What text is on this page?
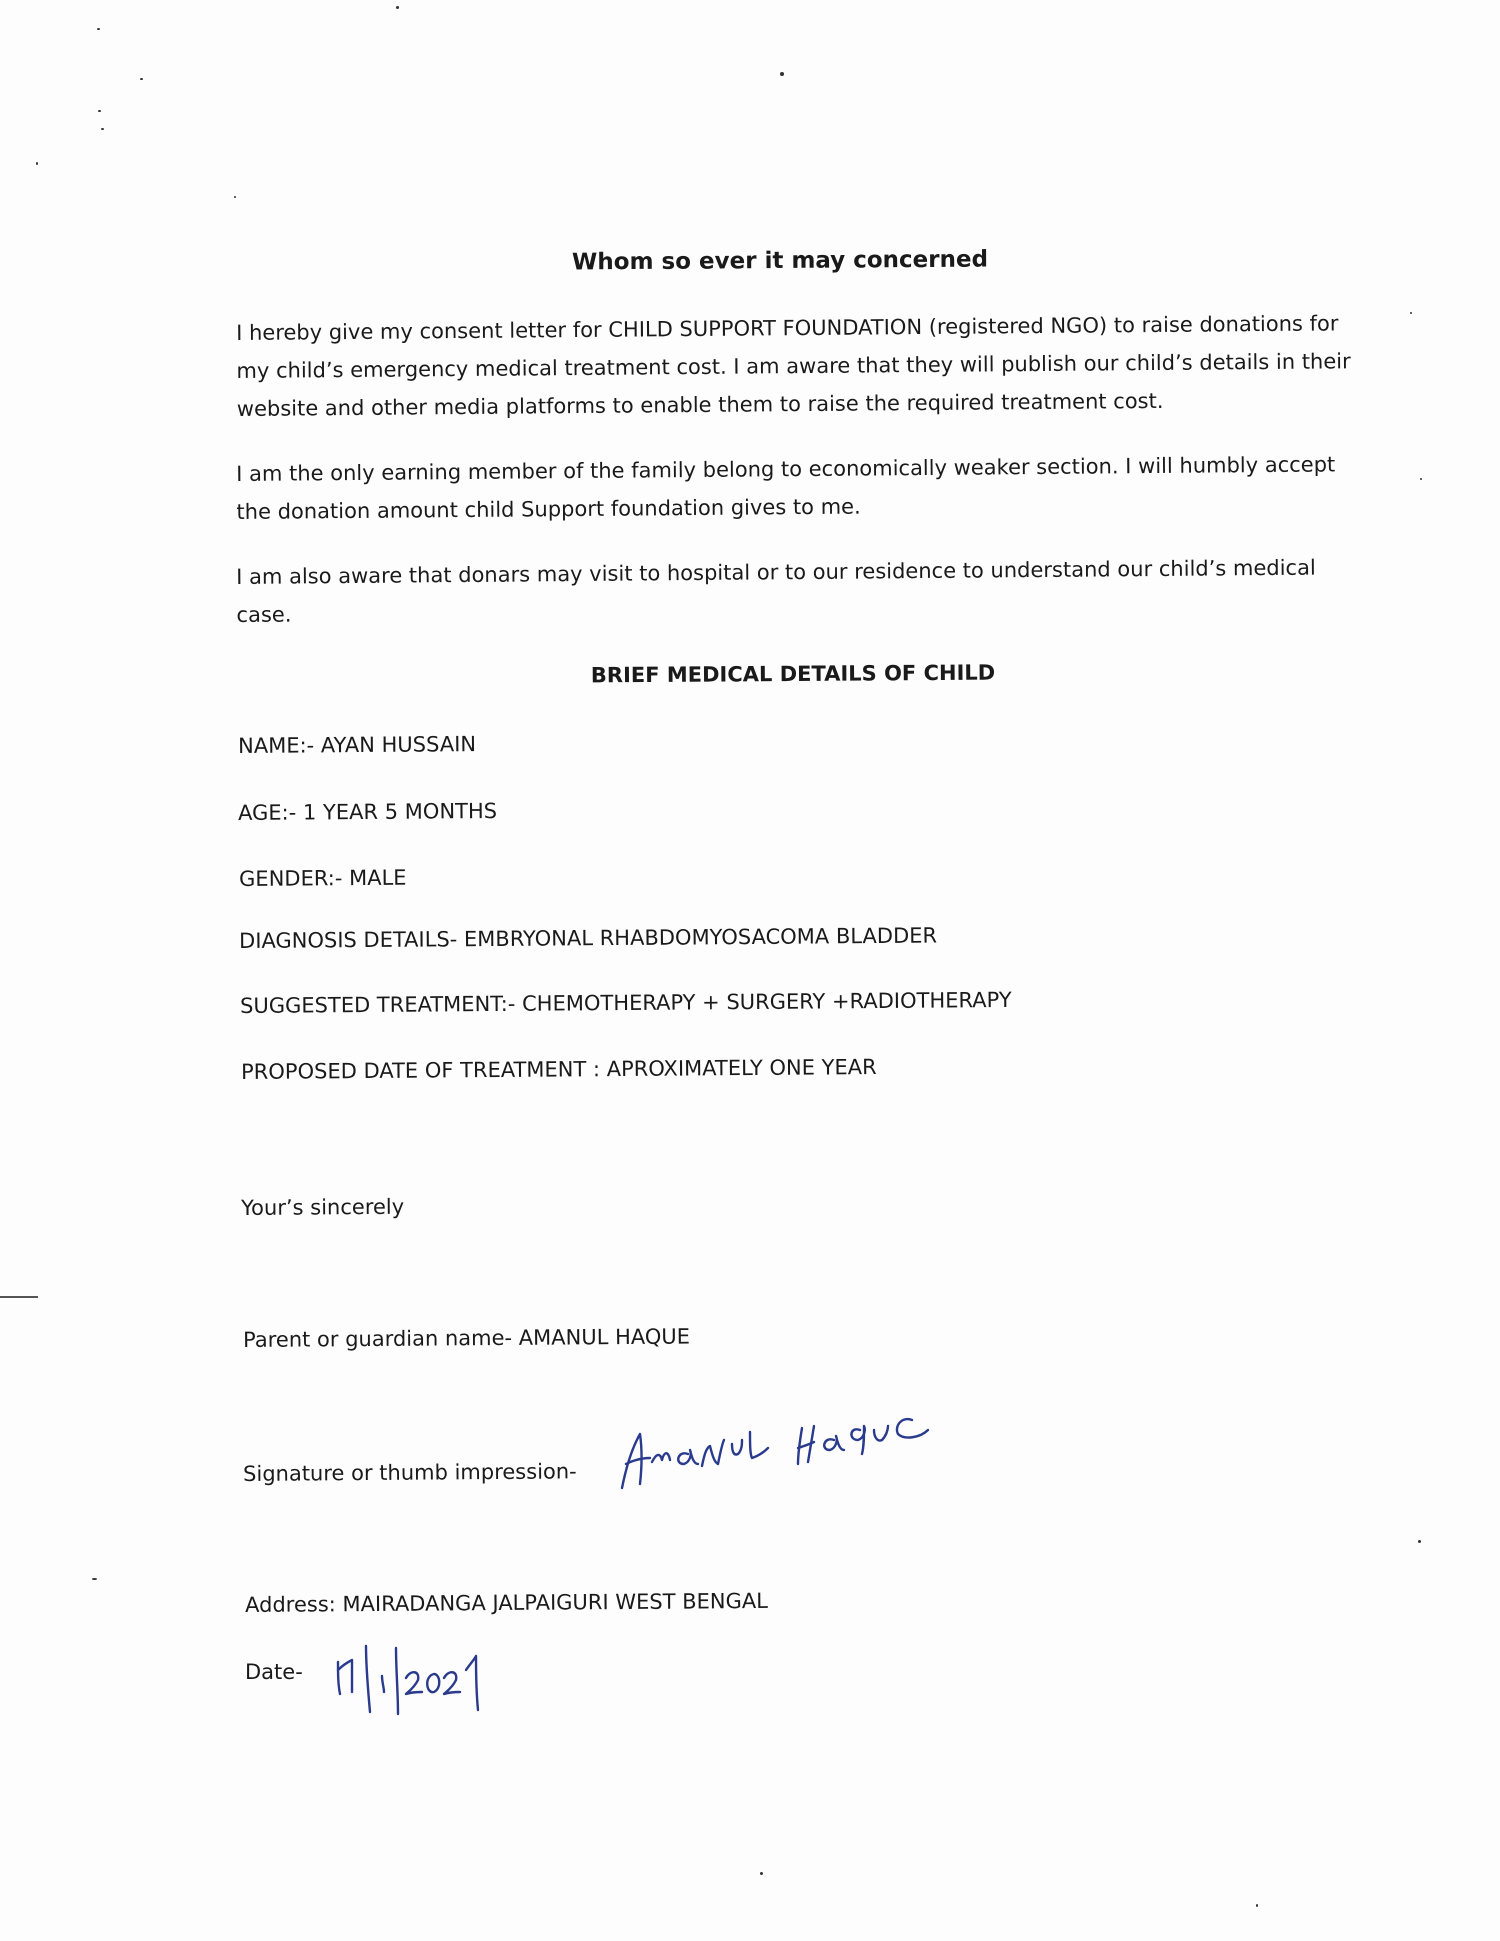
Whom so ever it may concerned
I hereby give my consent letter for CHILD SUPPORT FOUNDATION (registered NGO) to raise donations for my child’s emergency medical treatment cost. I am aware that they will publish our child’s details in their website and other media platforms to enable them to raise the required treatment cost.
I am the only earning member of the family belong to economically weaker section. I will humbly accept the donation amount child Support foundation gives to me.
I am also aware that donars may visit to hospital or to our residence to understand our child’s medical case.
BRIEF MEDICAL DETAILS OF CHILD
NAME:- AYAN HUSSAIN
AGE:- 1 YEAR 5 MONTHS
GENDER:- MALE
DIAGNOSIS DETAILS- EMBRYONAL RHABDOMYOSACOMA BLADDER
SUGGESTED TREATMENT:- CHEMOTHERAPY + SURGERY +RADIOTHERAPY
PROPOSED DATE OF TREATMENT : APROXIMATELY ONE YEAR
Your’s sincerely
Parent or guardian name- AMANUL HAQUE
Signature or thumb impression-
Address: MAIRADANGA JALPAIGURI WEST BENGAL
Date-
